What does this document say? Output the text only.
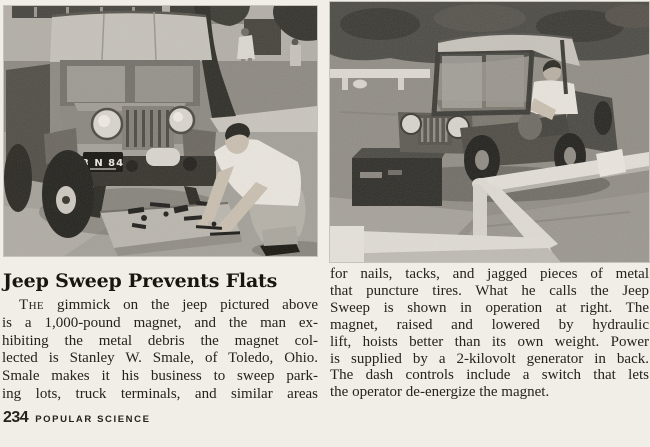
Jeep Sweep Prevents Flats
The gimmick on the jeep pictured above
is a 1,000-pound magnet, and the man ex-
hibiting the metal debris the magnet col-
lected is Stanley W. Smale, of Toledo, Ohio.
Smale makes it his business to sweep park-
ing lots, truck terminals, and similar areas
for nails, tacks, and jagged pieces of metal
that puncture tires. What he calls the Jeep
Sweep is shown in operation at right. The
magnet, raised and lowered by hydraulic
lift, hoists better than its own weight. Power
is supplied by a 2-kilovolt generator in back.
The dash controls include a switch that lets
the operator de-energize the magnet.
234 POPULAR SCIENCE
